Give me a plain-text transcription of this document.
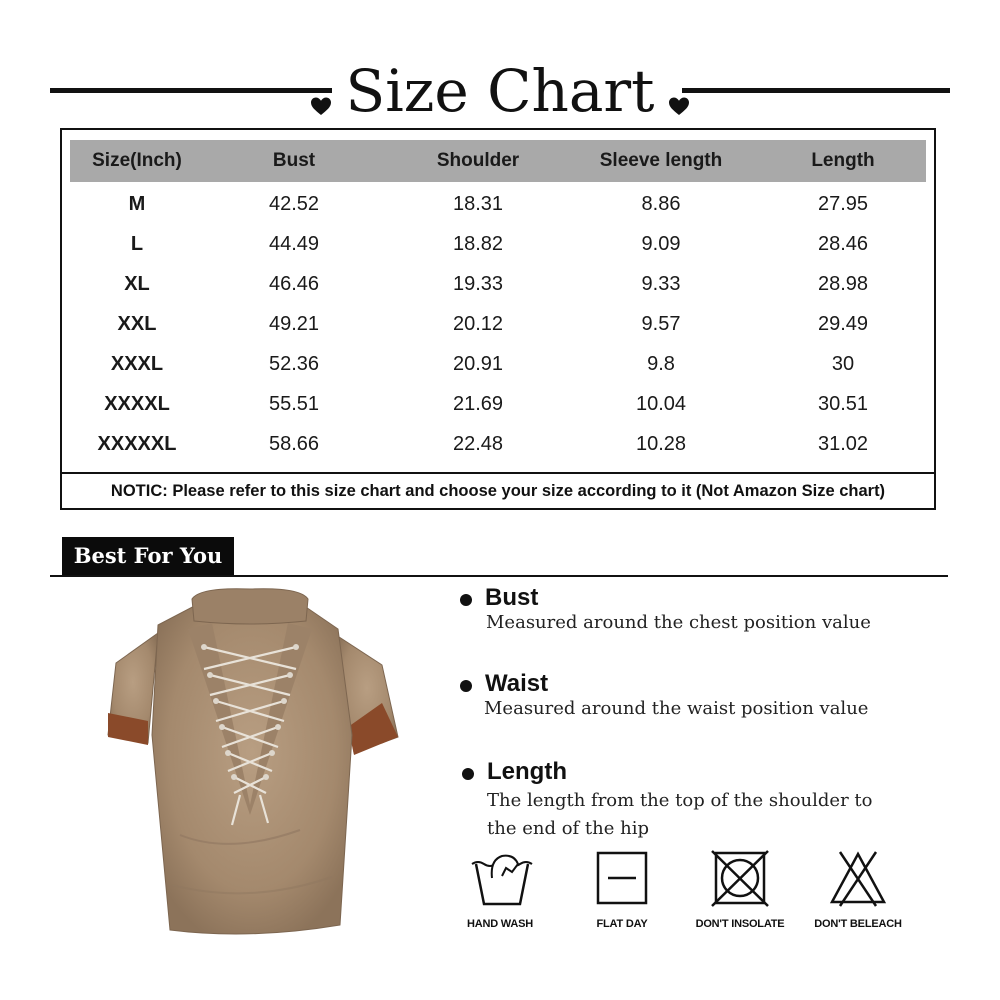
Size Chart
Size(Inch)	Bust	Shoulder	Sleeve length	Length
M	42.52	18.31	8.86	27.95
L	44.49	18.82	9.09	28.46
XL	46.46	19.33	9.33	28.98
XXL	49.21	20.12	9.57	29.49
XXXL	52.36	20.91	9.8	30
XXXXL	55.51	21.69	10.04	30.51
XXXXXL	58.66	22.48	10.28	31.02
NOTIC: Please refer to this size chart and choose your size according to it (Not Amazon Size chart)
Best For You
Bust
Measured around the chest position value
Waist
Measured around the waist position value
Length
The length from the top of the shoulder to
the end of the hip
HAND WASH	FLAT DAY	DON'T INSOLATE	DON'T BELEACH
